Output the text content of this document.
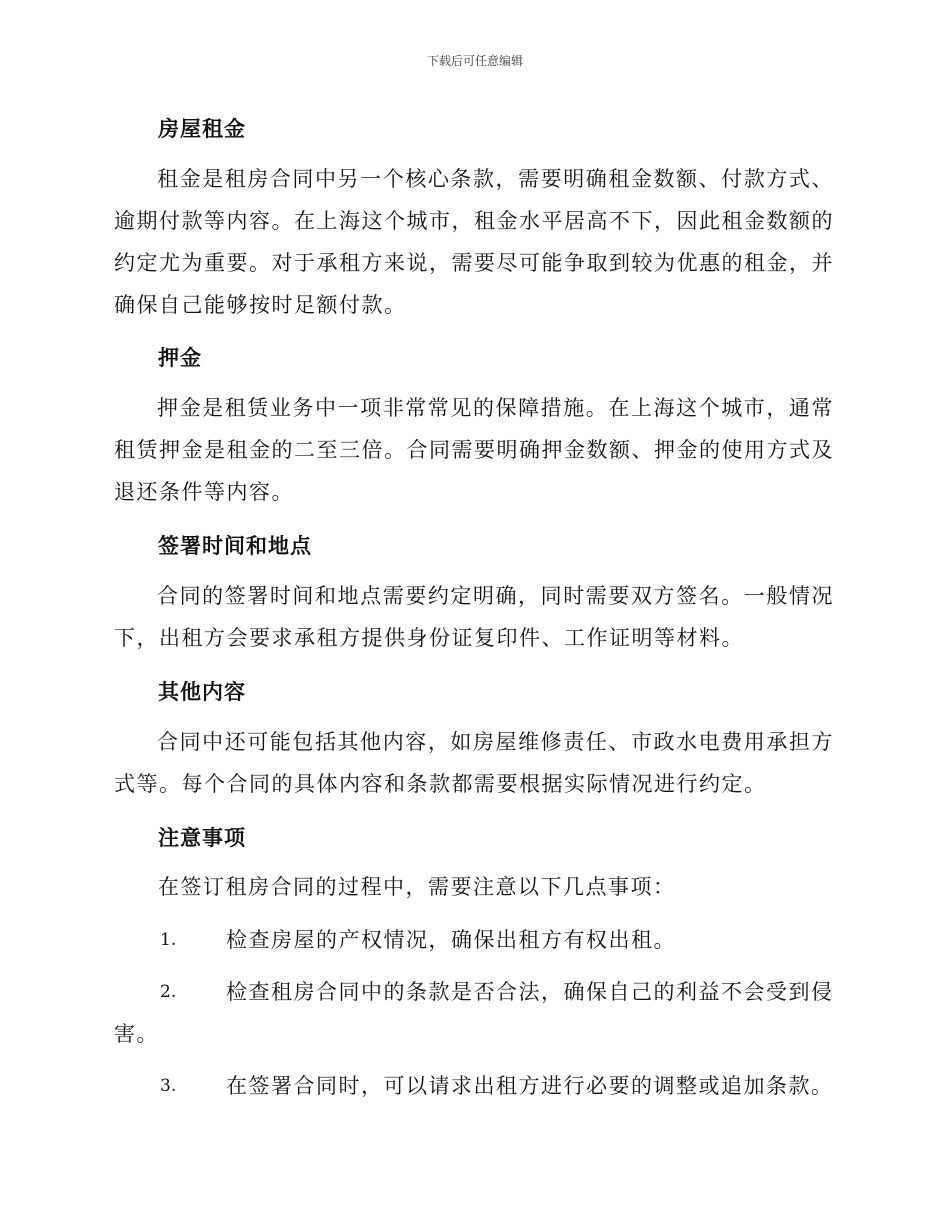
下载后可任意编辑
房屋租金

租金是租房合同中另一个核心条款，需要明确租金数额、付款方式、逾期付款等内容。在上海这个城市，租金水平居高不下，因此租金数额的约定尤为重要。对于承租方来说，需要尽可能争取到较为优惠的租金，并确保自己能够按时足额付款。

押金

押金是租赁业务中一项非常常见的保障措施。在上海这个城市，通常租赁押金是租金的二至三倍。合同需要明确押金数额、押金的使用方式及退还条件等内容。

签署时间和地点

合同的签署时间和地点需要约定明确，同时需要双方签名。一般情况下，出租方会要求承租方提供身份证复印件、工作证明等材料。

其他内容

合同中还可能包括其他内容，如房屋维修责任、市政水电费用承担方式等。每个合同的具体内容和条款都需要根据实际情况进行约定。

注意事项
在签订租房合同的过程中，需要注意以下几点事项：
1.	检查房屋的产权情况，确保出租方有权出租。
2.	检查租房合同中的条款是否合法，确保自己的利益不会受到侵害。
3.	在签署合同时，可以请求出租方进行必要的调整或追加条款。
